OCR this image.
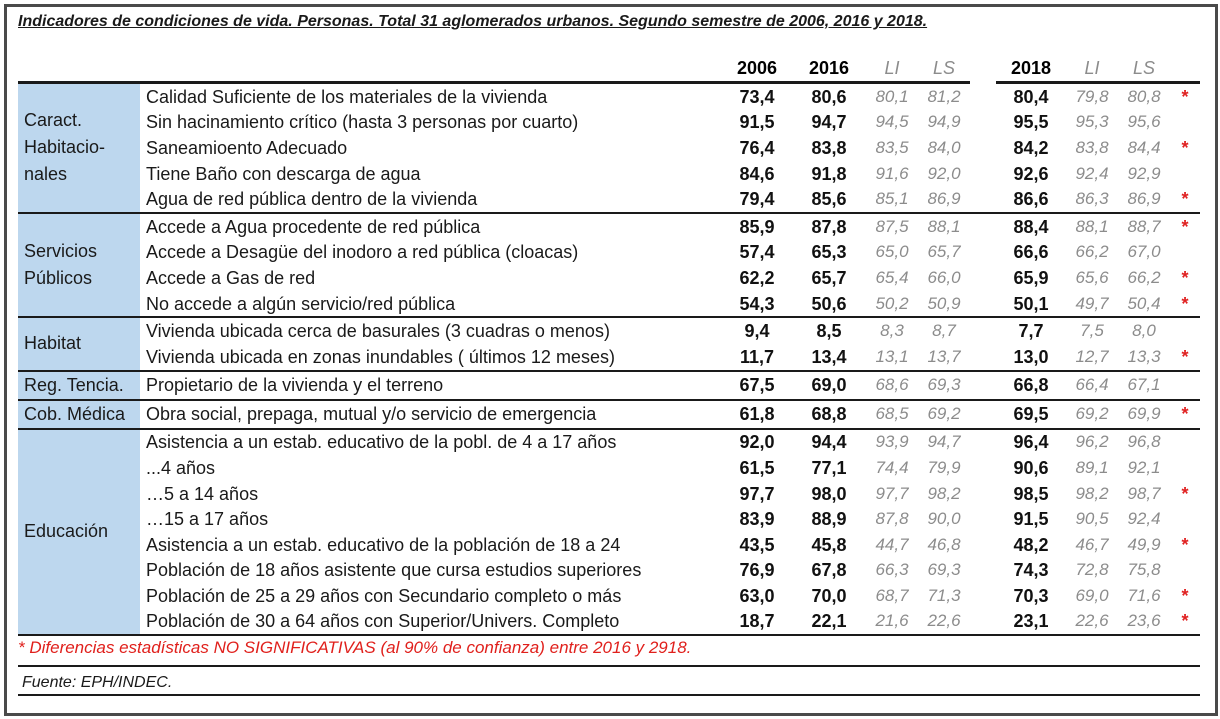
Indicadores de condiciones de vida. Personas. Total 31 aglomerados urbanos. Segundo semestre de 2006, 2016 y 2018.
		2006	2016	LI	LS		2018	LI	LS	
Caract. Habitacio-nales	Calidad Suficiente de los materiales de la vivienda	73,4	80,6	80,1	81,2		80,4	79,8	80,8	*
	Sin hacinamiento crítico (hasta 3 personas por cuarto)	91,5	94,7	94,5	94,9		95,5	95,3	95,6	
	Saneamioento Adecuado	76,4	83,8	83,5	84,0		84,2	83,8	84,4	*
	Tiene Baño con descarga de agua	84,6	91,8	91,6	92,0		92,6	92,4	92,9	
	Agua de red pública dentro de la vivienda	79,4	85,6	85,1	86,9		86,6	86,3	86,9	*
Servicios Públicos	Accede a Agua procedente de red pública	85,9	87,8	87,5	88,1		88,4	88,1	88,7	*
	Accede a Desagüe del inodoro a red pública (cloacas)	57,4	65,3	65,0	65,7		66,6	66,2	67,0	
	Accede a Gas de red	62,2	65,7	65,4	66,0		65,9	65,6	66,2	*
	No accede a algún servicio/red pública	54,3	50,6	50,2	50,9		50,1	49,7	50,4	*
Habitat	Vivienda ubicada cerca de basurales (3 cuadras o menos)	9,4	8,5	8,3	8,7		7,7	7,5	8,0	
	Vivienda ubicada en zonas inundables ( últimos 12 meses)	11,7	13,4	13,1	13,7		13,0	12,7	13,3	*
Reg. Tencia.	Propietario de la vivienda y el terreno	67,5	69,0	68,6	69,3		66,8	66,4	67,1	
Cob. Médica	Obra social, prepaga, mutual y/o servicio de emergencia	61,8	68,8	68,5	69,2		69,5	69,2	69,9	*
Educación	Asistencia a un estab. educativo de la pobl. de 4 a 17 años	92,0	94,4	93,9	94,7		96,4	96,2	96,8	
	...4 años	61,5	77,1	74,4	79,9		90,6	89,1	92,1	
	…5 a 14 años	97,7	98,0	97,7	98,2		98,5	98,2	98,7	*
	…15 a 17 años	83,9	88,9	87,8	90,0		91,5	90,5	92,4	
	Asistencia a un estab. educativo de la población de 18 a 24	43,5	45,8	44,7	46,8		48,2	46,7	49,9	*
	Población de 18 años asistente que cursa estudios superiores	76,9	67,8	66,3	69,3		74,3	72,8	75,8	
	Población de 25 a 29 años con Secundario completo o más	63,0	70,0	68,7	71,3		70,3	69,0	71,6	*
	Población de 30 a 64 años con Superior/Univers. Completo	18,7	22,1	21,6	22,6		23,1	22,6	23,6	*
* Diferencias estadísticas NO SIGNIFICATIVAS (al 90% de confianza) entre 2016 y 2918.
Fuente: EPH/INDEC.
